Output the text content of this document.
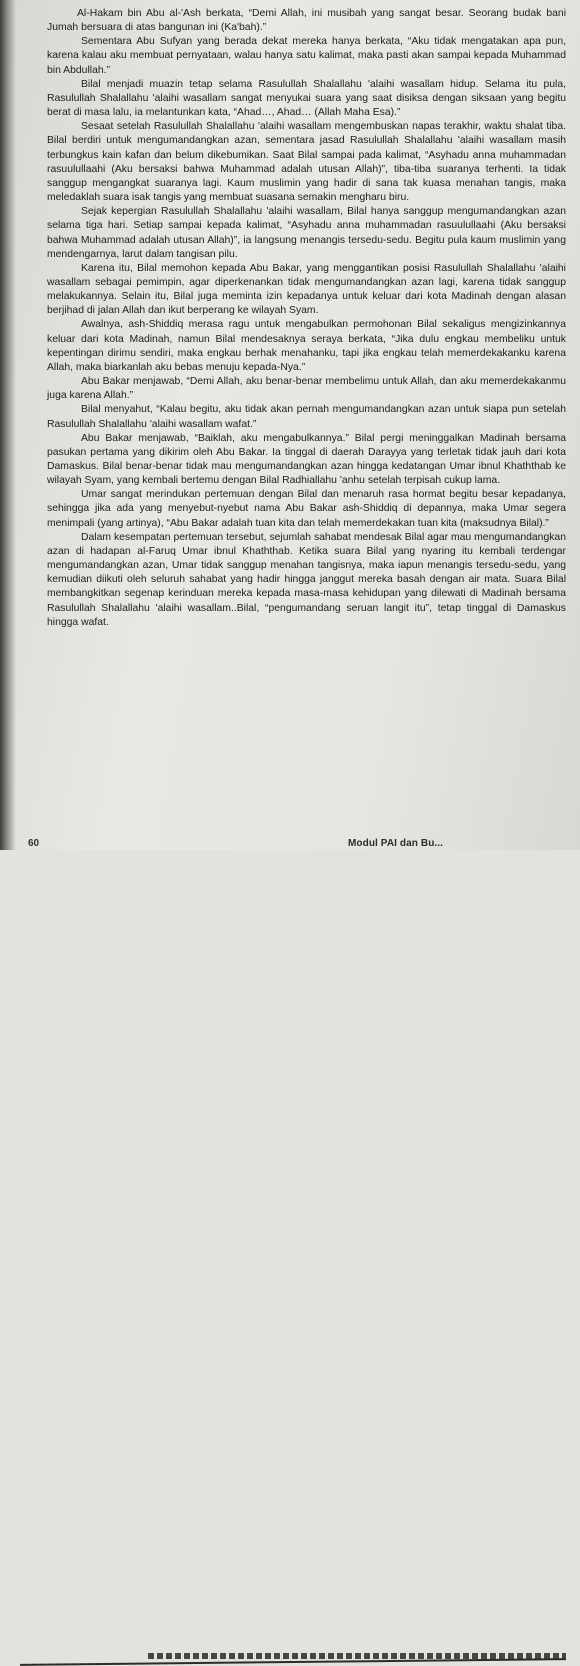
Al-Hakam bin Abu al-'Ash berkata, “Demi Allah, ini musibah yang sangat besar. Seorang budak bani Jumah bersuara di atas bangunan ini (Ka'bah).”

Sementara Abu Sufyan yang berada dekat mereka hanya berkata, “Aku tidak mengatakan apa pun, karena kalau aku membuat pernyataan, walau hanya satu kalimat, maka pasti akan sampai kepada Muhammad bin Abdullah.”

Bilal menjadi muazin tetap selama Rasulullah Shalallahu 'alaihi wasallam hidup. Selama itu pula, Rasulullah Shalallahu 'alaihi wasallam sangat menyukai suara yang saat disiksa dengan siksaan yang begitu berat di masa lalu, ia melantunkan kata, “Ahad…, Ahad… (Allah Maha Esa).”

Sesaat setelah Rasulullah Shalallahu 'alaihi wasallam mengembuskan napas terakhir, waktu shalat tiba. Bilal berdiri untuk mengumandangkan azan, sementara jasad Rasulullah Shalallahu 'alaihi wasallam masih terbungkus kain kafan dan belum dikebumikan. Saat Bilal sampai pada kalimat, “Asyhadu anna muhammadan rasuulullaahi (Aku bersaksi bahwa Muhammad adalah utusan Allah)”, tiba-tiba suaranya terhenti. Ia tidak sanggup mengangkat suaranya lagi. Kaum muslimin yang hadir di sana tak kuasa menahan tangis, maka meledaklah suara isak tangis yang membuat suasana semakin mengharu biru.

Sejak kepergian Rasulullah Shalallahu 'alaihi wasallam, Bilal hanya sanggup mengumandangkan azan selama tiga hari. Setiap sampai kepada kalimat, “Asyhadu anna muhammadan rasuulullaahi (Aku bersaksi bahwa Muhammad adalah utusan Allah)”, ia langsung menangis tersedu-sedu. Begitu pula kaum muslimin yang mendengarnya, larut dalam tangisan pilu.

Karena itu, Bilal memohon kepada Abu Bakar, yang menggantikan posisi Rasulullah Shalallahu 'alaihi wasallam sebagai pemimpin, agar diperkenankan tidak mengumandangkan azan lagi, karena tidak sanggup melakukannya. Selain itu, Bilal juga meminta izin kepadanya untuk keluar dari kota Madinah dengan alasan berjihad di jalan Allah dan ikut berperang ke wilayah Syam.

Awalnya, ash-Shiddiq merasa ragu untuk mengabulkan permohonan Bilal sekaligus mengizinkannya keluar dari kota Madinah, namun Bilal mendesaknya seraya berkata, “Jika dulu engkau membeliku untuk kepentingan dirimu sendiri, maka engkau berhak menahanku, tapi jika engkau telah memerdekakanku karena Allah, maka biarkanlah aku bebas menuju kepada-Nya.”

Abu Bakar menjawab, “Demi Allah, aku benar-benar membelimu untuk Allah, dan aku memerdekakanmu juga karena Allah.”

Bilal menyahut, “Kalau begitu, aku tidak akan pernah mengumandangkan azan untuk siapa pun setelah Rasulullah Shalallahu 'alaihi wasallam wafat.”

Abu Bakar menjawab, “Baiklah, aku mengabulkannya.” Bilal pergi meninggalkan Madinah bersama pasukan pertama yang dikirim oleh Abu Bakar. Ia tinggal di daerah Darayya yang terletak tidak jauh dari kota Damaskus. Bilal benar-benar tidak mau mengumandangkan azan hingga kedatangan Umar ibnul Khaththab ke wilayah Syam, yang kembali bertemu dengan Bilal Radhiallahu 'anhu setelah terpisah cukup lama.

Umar sangat merindukan pertemuan dengan Bilal dan menaruh rasa hormat begitu besar kepadanya, sehingga jika ada yang menyebut-nyebut nama Abu Bakar ash-Shiddiq di depannya, maka Umar segera menimpali (yang artinya), “Abu Bakar adalah tuan kita dan telah memerdekakan tuan kita (maksudnya Bilal).”

Dalam kesempatan pertemuan tersebut, sejumlah sahabat mendesak Bilal agar mau mengumandangkan azan di hadapan al-Faruq Umar ibnul Khaththab. Ketika suara Bilal yang nyaring itu kembali terdengar mengumandangkan azan, Umar tidak sanggup menahan tangisnya, maka iapun menangis tersedu-sedu, yang kemudian diikuti oleh seluruh sahabat yang hadir hingga janggut mereka basah dengan air mata. Suara Bilal membangkitkan segenap kerinduan mereka kepada masa-masa kehidupan yang dilewati di Madinah bersama Rasulullah Shalallahu 'alaihi wasallam..Bilal, “pengumandang seruan langit itu”, tetap tinggal di Damaskus hingga wafat.

60	Modul PAI dan Bu...
